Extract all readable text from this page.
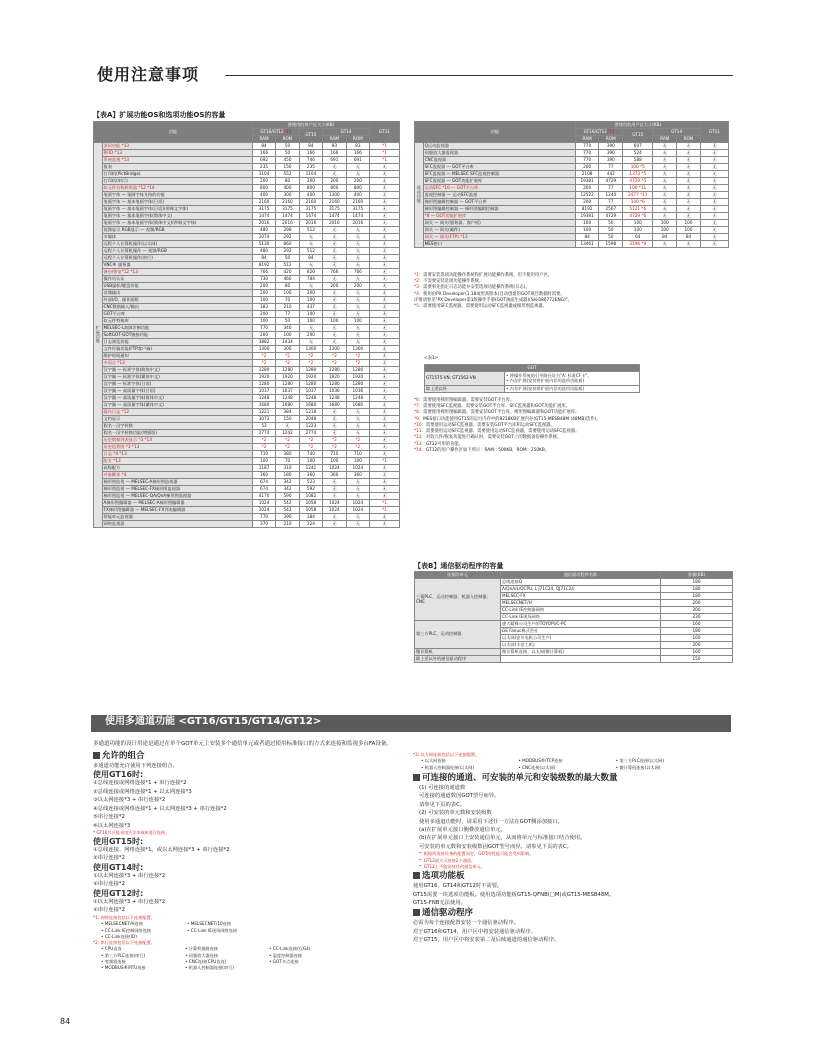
使用注意事项
【表A】扩展功能OS和选项功能OS的容量
功能		要使用的用户区大小(KB)					GT11
		GT16/GT12*13		GT15	GT14		
		RAM	ROM		RAM	ROM	
扩展功能	条码功能 *13	84	50	84	83	83	*1
	RFID *13	166	50	166	166	166	*1
	系统监视 *13	692	450	746	691	691	*1
	报表	235	150	235	无	无	无
	打印机(PictBridge)	1104	552	1104	无	无	无
	打印机(串行)	200	80	200	200	200	无
	软元件名称转换器 *12 *14	800	400	800	800	800	无
	笔画字体 — 笔画字体支持的功能	400	300	400	1300	400	无
	笔画字体 — 基本笔画字体(日语)	2160	2160	2160	2160	2160	无
	笔画字体 — 基本笔画字体(日语)(带韩文字体)	3175	3175	3175	3175	3175	无
	笔画字体 — 基本笔画字体(简体中文)	1474	1474	1474	1474	1474	无
	笔画字体 — 基本笔画字体(简体中文)(带韩文字体)	2016	2016	2016	2016	2016	无
	视频显示 RGB显示 — 视频/RGB	480	298	512	无	无	无
	多媒体	1074	292	无	无	无	无
	远程个人计算机操作(以太网)	5130	860	无	无	无	无
	远程个人计算机操作 — 视频/RGB	480	292	512	无	无	无
	远程个人计算机操作(串行)	84	50	84	无	无	无
	VNC® 服务器	8192	512	无	无	无	无
	备份/恢复*12 *13	766	420	820	766	766	无
	操作员认证	730	460	784	无	无	无
	USB鼠标/键盘功能	200	80	无	200	200	无
	音频输出	200	100	200	无	无	无
	外部I/O、操作面板	100	70	100	无	无	无
	CNC数据输入/输出	383	210	437	无	无	无
	GOT平台库	200	77	100	无	无	无
	软元件特殊库	100	50	100	100	100	无
	MELSEC-L故障诊断功能	770	340	无	无	无	无
	SoftGOT-GOT链接功能	200	100	200	无	无	无
	日志浏览功能	3882	1434	无	无	无	无
	文件传输功能(FTP客户端)	1300	300	1300	1300	1300	无
	维护时间通知	*2	*2	*2	*2	*2	无
	多语言 *13	*2	*2	*2	*2	*2	无
	汉字圈 — 标准字体(简体中文)	1280	1280	1280	1280	1280	无
	汉字圈 — 标准字体(繁体中文)	1920	1920	1920	1920	1920	无
	汉字圈 — 标准字体(日语)	1280	1280	1280	1280	1280	无
	汉字圈 — 高质量字体(日语)	1037	1037	1037	1036	1036	无
	汉字圈 — 高质量字体(简体中文)	1248	1248	1248	1248	1248	无
	汉字圈 — 高质量字体(繁体中文)	1680	1680	1680	1680	1680	无
	操作日志 *12	1221	384	1218	无	无	无
	文档显示	3072	150	2048	无	无	无
	假名一汉字转换	53	无	1223	无	无	无
	假名一汉字转换功能(增强版)	2774	1242	2774	无	无	无
	历史数据列表显示 *3 *13	*2	*2	*2	*2	*2	无
	历史趋势图 *3 *13	*2	*2	*2	*2	*2	无
	日志 *4 *13	710	380	740	710	710	无
	配方 *13	100	70	100	100	100	*1
	高级配方	1187	310	1241	1024	1024	无
	对象脚本 *4	360	180	360	360	360	无
	梯形图监视 — MELSEC-A梯形图监视器	674	342	523	无	无	无
	梯形图监视 — MELSEC-FX梯形图监视器	674	342	592	无	无	无
	梯形图监视 — MELSEC-QA/QnA梯形图监视器	4170	590	1082	无	无	无
	A梯形图编辑器 — MELSEC-A梯形图编辑器	1024	542	1058	1024	1024	*1
	FX梯形图编辑器 — MELSEC-FX列表编辑器	1024	542	1058	1024	1024	*1
	智能单元监视器	770	390	384	无	无	无
	网络监视器	370	210	324	无	无	无
功能		要使用的用户区大小(KB)					GT11
		GT16/GT12*13		GT15	GT14		
		RAM	ROM		RAM	ROM	
选项功能	Q运动监视器	770	390	607	无	无	无
	伺服放大器监视器	770	390	524	无	无	无
	CNC监视器	770	390	588	无	无	无
	SFC监视器 — GOT平台库	200	77	100 *5	无	无	无
	SFC监视器 — MELSEC SFC监视控制器	2108	442	1373 *5	无	无	无
	SFC监视器 — GOT功能扩展库	19381	4729	4729 *5	无	无	无
	运动SFC *10 — GOT平台库	200	77	100 *11	无	无	无
	监视控制器 — 运动SFC监视	12522	1240	2477 *11	无	无	无
	梯形图编辑控制器 — GOT平台库	200	77	100 *6	无	无	无
	梯形图编辑控制器 — 梯形图编辑控制器	8192	2567	5121 *6	无	无	无
	*8 — GOT功能扩展库	19381	4729	4729 *6	无	无	无
	网关 — 网关(服务器、客户机)	100	50	100	100	100	无
	网关 — 网关(邮件)	100	50	100	100	100	无
	网关 — 网关(FTP) *13	84	50	64	84	84	无
	MES接口	13461	1598	3196 *9	无	无	无
*1：需要安装选项功能操作系统和扩展功能操作系统，但不使用用户区。
*2：不需要安装选项功能操作系统。
*3：需要事先指定日志功能并安装选项功能操作系统(日志)。
*4：使用由PX Developer(1.18或更高版本)自动创建的GOT项目数据时需要。
详情请参见"PX Developer第1版操作手册(GOT画面生成器)(SH-080772ENG)"。
*5：需要使用SFC监视器。需要使用运动SFC监视器或梯形图监视器。
<表1>
GOT	
GT1575-VN, GT1562-VN	• 将操作系统的引导路径设为"A: 标准CF卡"。
• 内存扩展(安装带扩展内存的选项功能板)

除上述以外	• 内存扩展(安装带扩展内存的选项功能板)
*6：需要使用梯形图编辑器。需要安装GOT平台库。
*7：需要使用SFC监视器。需要安装GOT平台库、SFC监视器和GOT功能扩展库。
*8：需要使用梯形图编辑器。需要安装GOT平台库、梯形图编辑器和GOT功能扩展库。
*9：MES接口功能使用GT15的运行内存中的8218KB扩展内存(GT15-MESB48M (48MB)选件)。
*10：需要使用运动SFC监视器。需要安装GOT平台库和运动SFC监视器。
*11：需要使用运动SFC监视器。需要使用运动SFC监视器，需要使用运动SFC监视器。
*12：对软元件/恢复功能进行确认时，需要安装GOT上的数据备份操作系统。
*13：GT12可用的功能。
*14：GT12的用户操作区如下所示：RAM：500KB，ROM：250KB。
【表B】通信驱动程序的容量
连接的单元	通信驱动程序名称	容量(KB)
三菱PLC、运动控制器、机器人控制器、CNC	总线连接Q	180
	A/QnA/L/QCPU, L J71C24, QJ71C24	180
	MELSEC-FX	180
	MELSECNET/H	200
	CC-Link IE控制器网络	200
	CC-Link IE现场网络	230
第三方PLC、运动控制器	速大精株公司生产的TOYOPUC-PC	160
	GE Fanuc株式会社	180
	以太网(安川电机公司生产)	160
	以太网(丰田工机)	200
微计算机	微计算机连接、以太网(微计算机)	160
除上述以外的通信驱动程序		150
使用多通道功能 <GT16/GT15/GT14/GT12>
多通道功能的设计用途是通过在单个GOT单元上安装多个通信单元或者通过使用标准接口的方式来连接和监视多台FA设备。
允许的组合
多通道功能允许使用下列连接组合。
使用GT16时:
①总线连接或网络连接*1 + 串行连接*2
②总线连接或网络连接*1 + 以太网连接*3
③以太网连接*3 + 串行连接*2
④总线连接或网络连接*1 + 以太网连接*3 + 串行连接*2
⑤串行连接*2
⑥以太网连接*3
* GT16其只能采用方法③或⑥进行连接。
使用GT15时:
①总线连接、网络连接*1，或以太网连接*3 + 串行连接*2
②串行连接*2
使用GT14时:
①以太网连接*3 + 串行连接*2
②串行连接*2
使用GT12时:
①以太网连接*3 + 串行连接*2
②串行连接*2
*1: 网络连接包括以下连接配置。
• MELSECNET/H连接	• MELSECNET/10连接
• CC-Link IE控制网络连接	• CC-Link IE现场网络连接
• CC-Link连接(ID)
*2: 串行连接包括以下连接配置。
• CPU直连	• 计算机链路连接	• CC-Link连接(仅G4)
• 第三方PLC连接(串行)	• 伺服放大器连接	• 温度控制器连接
• 变频器连接	• CNC连接(CPU直连)	• GOT多点连接
• MODBUS®/RTU连接	• 机器人控制器连接(串行)
*3: 以太网连接包括以下连接配置。
• 以太网连接	• MODBUS®/TCP连接	• 第三方PLC连接(以太网)
• 机器人控制器连接(以太网)	• CNC连接(以太网)	• 微计算机连接(以太网)
可连接的通道、可安装的单元和安装级数的最大数量
(1) 可连接的通道数
可连接的通道数因GOT型号而异。
请参见下页的表C。
(2) 可安装的单元数和安装级数
使用多通道功能时，请采用下述任一方法在GOT侧添加接口。
(a)在扩展单元接口侧叠放通信单元。
(b)在扩展单元接口上安装通信单元，从而将单元与标准接口结合使用。
可安装的单元数和安装级数因GOT型号而异。请参见下页的表C。
*: 根据所连接设备的配置而定，GOT的性能可能会受到影响。
*: GT12最大可连接2个通道。
*: GT12上不能安装任何通信单元。
选项功能板
使用GT16、GT14和GT12时不需要。
GT15需要一块选项功能板。使用选项功能板GT15-QFNB(□M)或GT15-MESB48M。
GT15-FNB无法使用。
通信驱动程序
必需为每个连接配置安装一个通信驱动程序。
对于GT16和GT14，用户区中将安装通信驱动程序。
对于GT15，用户区中将安装第二及后续通道的通信驱动程序。
84
